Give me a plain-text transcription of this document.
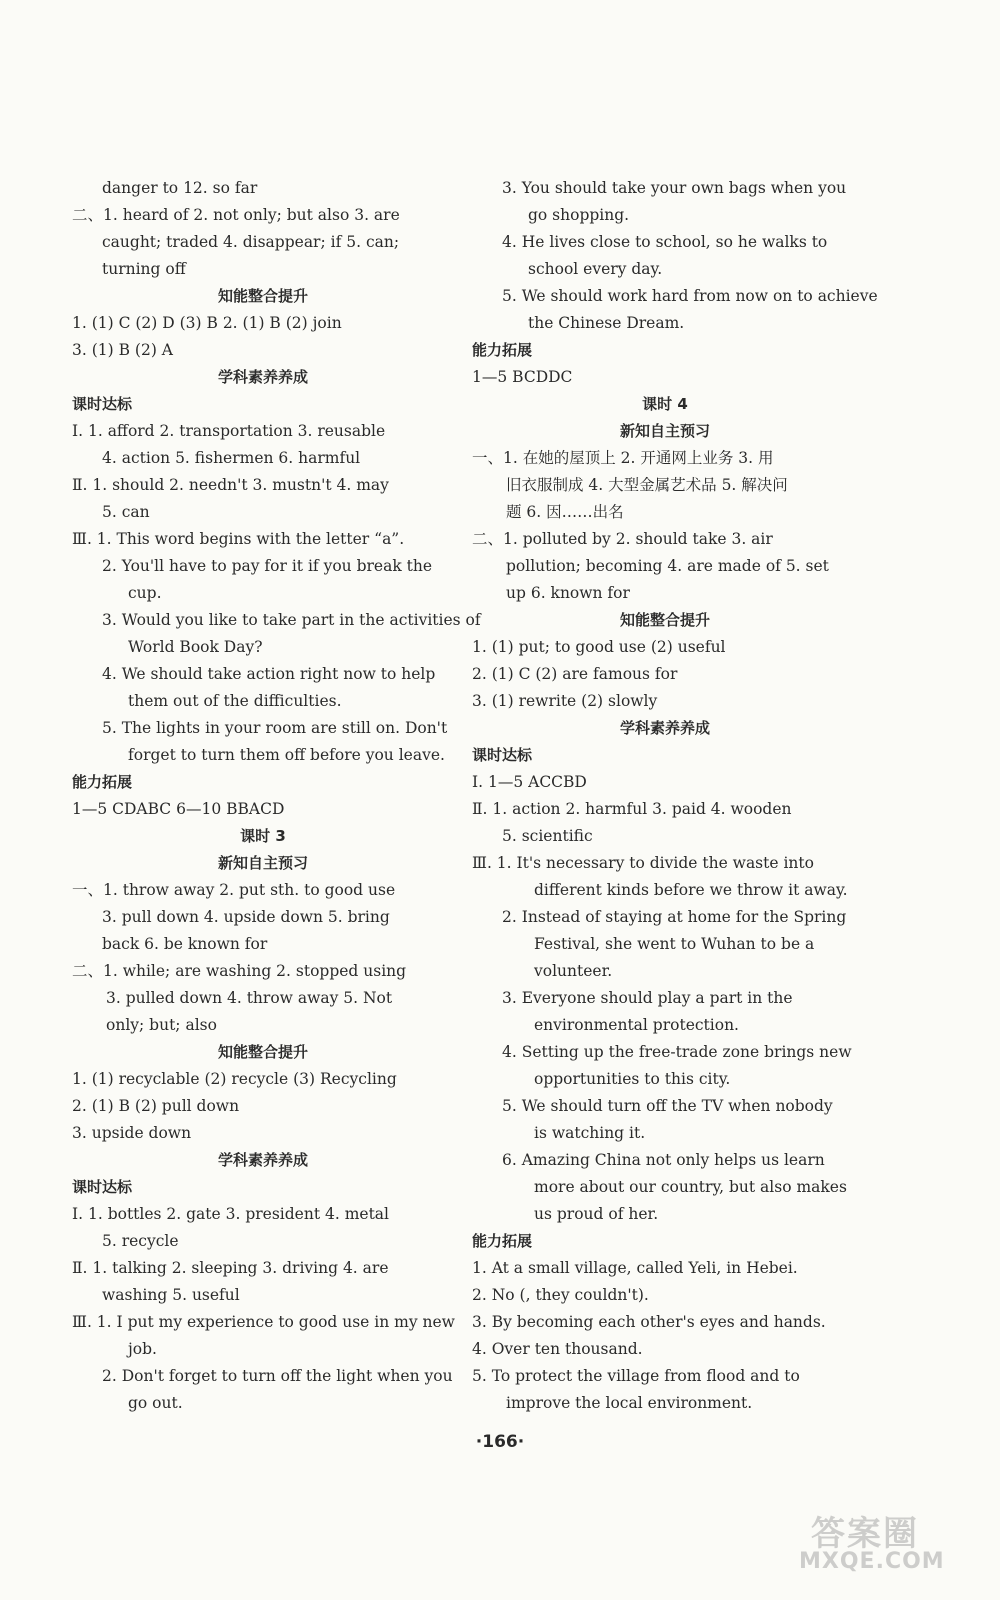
danger to 12. so far
二、1. heard of 2. not only; but also 3. are
caught; traded 4. disappear; if 5. can;
turning off
知能整合提升
1. (1) C (2) D (3) B 2. (1) B (2) join
3. (1) B (2) A
学科素养养成
课时达标
Ⅰ. 1. afford 2. transportation 3. reusable
4. action 5. fishermen 6. harmful
Ⅱ. 1. should 2. needn't 3. mustn't 4. may
5. can
Ⅲ. 1. This word begins with the letter “a”.
2. You'll have to pay for it if you break the
cup.
3. Would you like to take part in the activities of
World Book Day?
4. We should take action right now to help
them out of the difficulties.
5. The lights in your room are still on. Don't
forget to turn them off before you leave.
能力拓展
1—5 CDABC 6—10 BBACD
课时 3
新知自主预习
一、1. throw away 2. put sth. to good use
3. pull down 4. upside down 5. bring
back 6. be known for
二、1. while; are washing 2. stopped using
3. pulled down 4. throw away 5. Not
only; but; also
知能整合提升
1. (1) recyclable (2) recycle (3) Recycling
2. (1) B (2) pull down
3. upside down
学科素养养成
课时达标
Ⅰ. 1. bottles 2. gate 3. president 4. metal
5. recycle
Ⅱ. 1. talking 2. sleeping 3. driving 4. are
washing 5. useful
Ⅲ. 1. I put my experience to good use in my new
job.
2. Don't forget to turn off the light when you
go out.
3. You should take your own bags when you
go shopping.
4. He lives close to school, so he walks to
school every day.
5. We should work hard from now on to achieve
the Chinese Dream.
能力拓展
1—5 BCDDC
课时 4
新知自主预习
一、1. 在她的屋顶上 2. 开通网上业务 3. 用
旧衣服制成 4. 大型金属艺术品 5. 解决问
题 6. 因……出名
二、1. polluted by 2. should take 3. air
pollution; becoming 4. are made of 5. set
up 6. known for
知能整合提升
1. (1) put; to good use (2) useful
2. (1) C (2) are famous for
3. (1) rewrite (2) slowly
学科素养养成
课时达标
Ⅰ. 1—5 ACCBD
Ⅱ. 1. action 2. harmful 3. paid 4. wooden
5. scientific
Ⅲ. 1. It's necessary to divide the waste into
different kinds before we throw it away.
2. Instead of staying at home for the Spring
Festival, she went to Wuhan to be a
volunteer.
3. Everyone should play a part in the
environmental protection.
4. Setting up the free-trade zone brings new
opportunities to this city.
5. We should turn off the TV when nobody
is watching it.
6. Amazing China not only helps us learn
more about our country, but also makes
us proud of her.
能力拓展
1. At a small village, called Yeli, in Hebei.
2. No (, they couldn't).
3. By becoming each other's eyes and hands.
4. Over ten thousand.
5. To protect the village from flood and to
improve the local environment.
·166·
答案圈
MXQE.COM
